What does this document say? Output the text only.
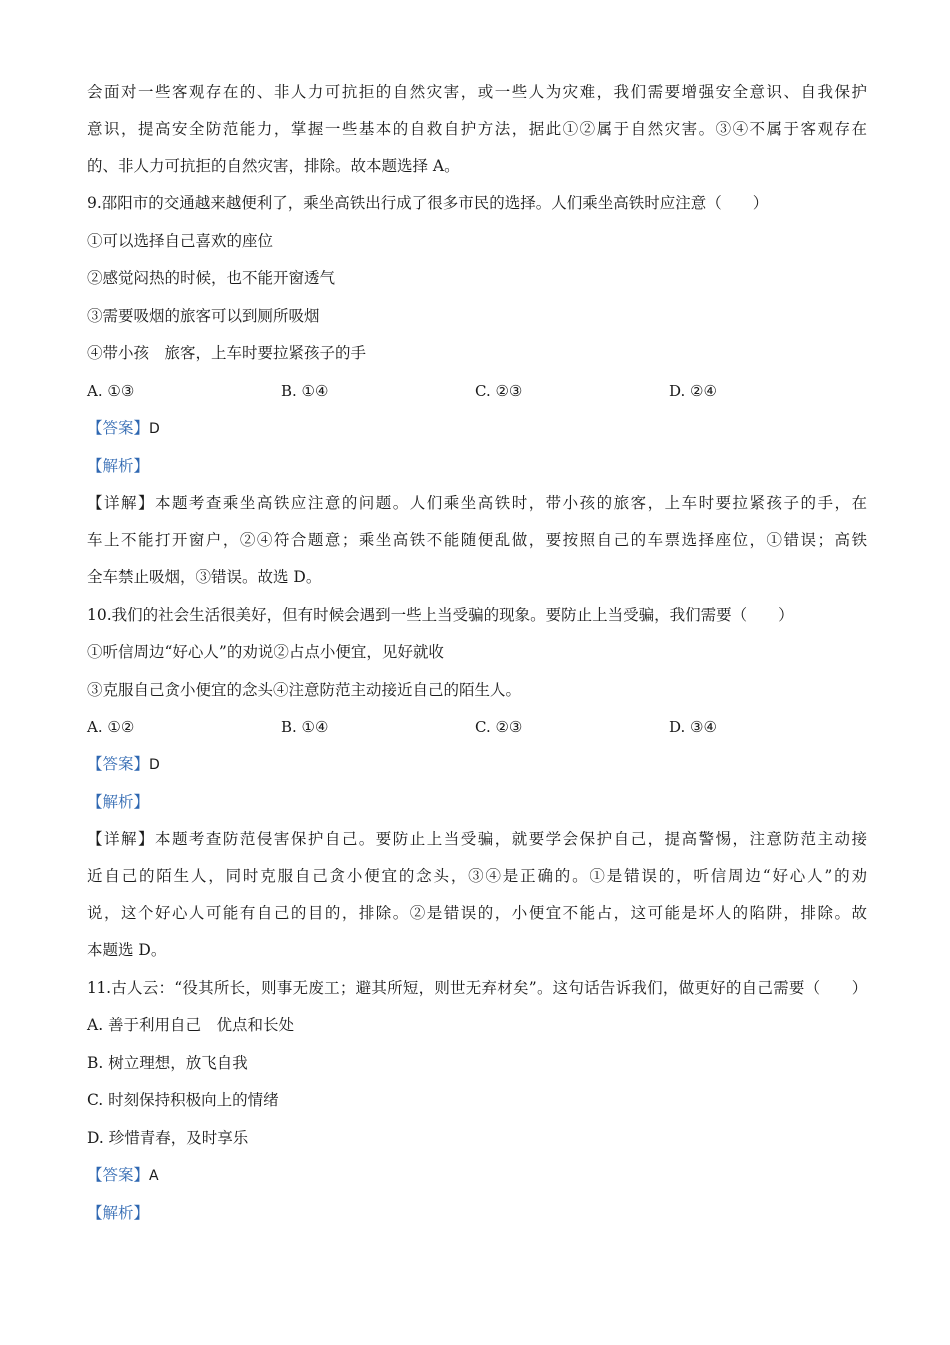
会面对一些客观存在的、非人力可抗拒的自然灾害，或一些人为灾难，我们需要增强安全意识、自我保护
意识，提高安全防范能力，掌握一些基本的自救自护方法，据此①②属于自然灾害。③④不属于客观存在
的、非人力可抗拒的自然灾害，排除。故本题选择 A。
9.邵阳市的交通越来越便利了，乘坐高铁出行成了很多市民的选择。人们乘坐高铁时应注意（　　）
①可以选择自己喜欢的座位
②感觉闷热的时候，也不能开窗透气
③需要吸烟的旅客可以到厕所吸烟
④带小孩　旅客，上车时要拉紧孩子的手
A. ①③	B. ①④	C. ②③	D. ②④
【答案】D
【解析】
【详解】本题考查乘坐高铁应注意的问题。人们乘坐高铁时，带小孩的旅客，上车时要拉紧孩子的手，在
车上不能打开窗户，②④符合题意；乘坐高铁不能随便乱做，要按照自己的车票选择座位，①错误；高铁
全车禁止吸烟，③错误。故选 D。
10.我们的社会生活很美好，但有时候会遇到一些上当受骗的现象。要防止上当受骗，我们需要（　　）
①听信周边“好心人”的劝说②占点小便宜，见好就收
③克服自己贪小便宜的念头④注意防范主动接近自己的陌生人。
A. ①②	B. ①④	C. ②③	D. ③④
【答案】D
【解析】
【详解】本题考查防范侵害保护自己。要防止上当受骗，就要学会保护自己，提高警惕，注意防范主动接
近自己的陌生人，同时克服自己贪小便宜的念头，③④是正确的。①是错误的，听信周边“好心人”的劝
说，这个好心人可能有自己的目的，排除。②是错误的，小便宜不能占，这可能是坏人的陷阱，排除。故
本题选 D。
11.古人云：“役其所长，则事无废工；避其所短，则世无弃材矣”。这句话告诉我们，做更好的自己需要（　　）
A. 善于利用自己　优点和长处
B. 树立理想，放飞自我
C. 时刻保持积极向上的情绪
D. 珍惜青春，及时享乐
【答案】A
【解析】
